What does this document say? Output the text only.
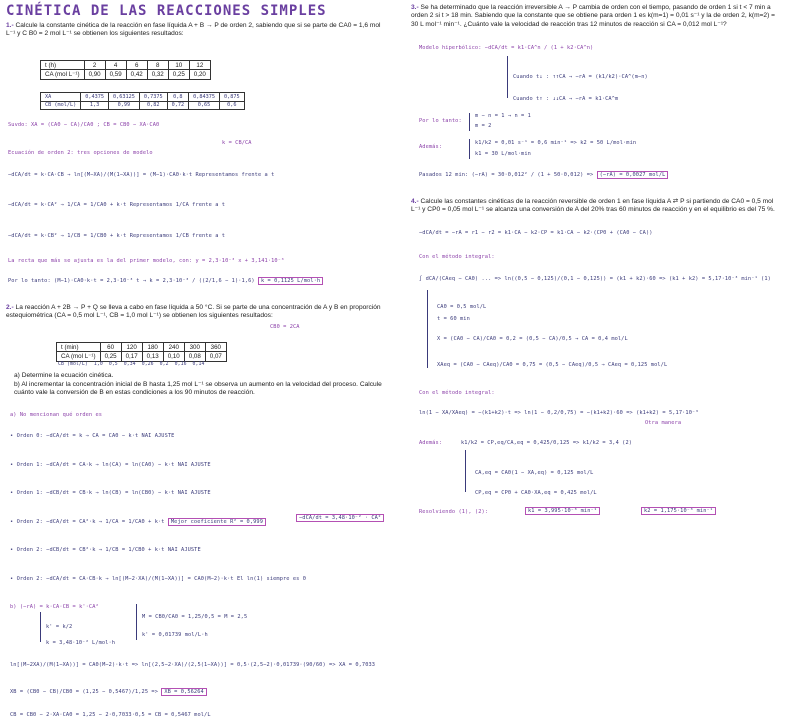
CINÉTICA DE LAS REACCIONES SIMPLES
1.- Calcule la constante cinética de la reacción en fase líquida A + B → P de orden 2, sabiendo que si se parte de CA0 = 1,6 mol L⁻¹ y C B0 = 2 mol L⁻¹ se obtienen los siguientes resultados:
t (h)	2	4	6	8	10	12
CA (mol L⁻¹)	0,90	0,59	0,42	0,32	0,25	0,20
XA	0,4375	0,63125	0,7375	0,8	0,84375	0,875
CB (mol/L)	1,3	0,99	0,82	0,72	0,65	0,6
Suvdo: XA = (CA0 − CA)/CA0 ; CB = CB0 − XA·CA0
Ecuación de orden 2: tres opciones de modelo
k = CB/CA
−dCA/dt = k·CA·CB → ln[(M−XA)/(M(1−XA))] = (M−1)·CA0·k·t Representamos frente a t
−dCA/dt = k·CA² → 1/CA = 1/CA0 + k·t Representamos 1/CA frente a t
−dCA/dt = k·CB² → 1/CB = 1/CB0 + k·t Representamos 1/CB frente a t
La recta que más se ajusta es la del primer modelo, con: y = 2,3·10⁻³ x + 3,141·10⁻³
Por lo tanto: (M−1)·CA0·k·t = 2,3·10⁻³ t → k = 2,3·10⁻³ / ((2/1,6 − 1)·1,6) k = 0,1125 L/mol·h
2.- La reacción A + 2B → P + Q se lleva a cabo en fase líquida a 50 °C. Si se parte de una concentración de A y B en proporción estequiométrica (CA = 0,5 mol L⁻¹, CB = 1,0 mol L⁻¹) se obtienen los siguientes resultados:
CB0 = 2CA
t (min)	60	120	180	240	300	360
CA (mol L⁻¹)	0,25	0,17	0,13	0,10	0,08	0,07
CB (mol/L) 1,0 0,5 0,34 0,26 0,2 0,16 0,14
a) Determine la ecuación cinética.
b) Al incrementar la concentración inicial de B hasta 1,25 mol L⁻¹ se observa un aumento en la velocidad del proceso. Calcule cuánto vale la conversión de B en estas condiciones a los 90 minutos de reacción.
a) No mencionan qué orden es
• Orden 0: −dCA/dt = k → CA = CA0 − k·t NAI AJUSTE
• Orden 1: −dCA/dt = CA·k → ln(CA) = ln(CA0) − k·t NAI AJUSTE
• Orden 1: −dCB/dt = CB·k → ln(CB) = ln(CB0) − k·t NAI AJUSTE
• Orden 2: −dCA/dt = CA²·k → 1/CA = 1/CA0 + k·t Mejor coeficiente R² = 0,999
−dCA/dt = 3,48·10⁻² · CA²
• Orden 2: −dCB/dt = CB²·k → 1/CB = 1/CB0 + k·t NAI AJUSTE
• Orden 2: −dCA/dt = CA·CB·k → ln[(M−2·XA)/(M(1−XA))] = CA0(M−2)·k·t El ln(1) siempre es 0
b) (−rA) = k·CA·CB = k'·CA²
M = CB0/CA0 = 1,25/0,5 = M = 2,5
k' = 0,01739 mol/L·h
k' = k/2
k = 3,48·10⁻² L/mol·h
ln[(M−2XA)/(M(1−XA))] = CA0(M−2)·k·t => ln[(2,5−2·XA)/(2,5(1−XA))] = 0,5·(2,5−2)·0,01739·(90/60) => XA = 0,7033
XB = (CB0 − CB)/CB0 = (1,25 − 0,5467)/1,25 => XB = 0,56264
CB = CB0 − 2·XA·CA0 = 1,25 − 2·0,7033·0,5 = CB = 0,5467 mol/L
3.- Se ha determinado que la reacción irreversible A → P cambia de orden con el tiempo, pasando de orden 1 si t < 7 min a orden 2 si t > 18 min. Sabiendo que la constante que se obtiene para orden 1 es k(m=1) = 0,01 s⁻¹ y la de orden 2, k(m=2) = 30 L mol⁻¹ min⁻¹. ¿Cuánto vale la velocidad de reacción tras 12 minutos de reacción si CA = 0,012 mol L⁻¹?
Modelo hiperbólico: −dCA/dt = k1·CA^n / (1 + k2·CA^n)
Cuando t↓ : ↑↑CA → −rA = (k1/k2)·CA^(m−n)
Cuando t↑ : ↓↓CA → −rA = k1·CA^m
Por lo tanto:
m − n = 1 → n = 1
m = 2
Además:
k1/k2 = 0,01 s⁻¹ = 0,6 min⁻¹ => k2 = 50 L/mol·min
k1 = 30 L/mol·min
Pasados 12 min: (−rA) = 30·0,012² / (1 + 50·0,012) => (−rA) = 0,0027 mol/L
4.- Calcule las constantes cinéticas de la reacción reversible de orden 1 en fase líquida A ⇄ P si partiendo de CA0 = 0,5 mol L⁻¹ y CP0 = 0,05 mol L⁻¹ se alcanza una conversión de A del 20% tras 60 minutos de reacción y en el equilibrio es del 75 %.
−dCA/dt = −rA = r1 − r2 = k1·CA − k2·CP = k1·CA − k2·(CP0 + (CA0 − CA))
Con el método integral:
∫ dCA/(CAeq − CA0) ... => ln((0,5 − 0,125)/(0,1 − 0,125)) = (k1 + k2)·60 => (k1 + k2) = 5,17·10⁻³ min⁻¹ (1)
CA0 = 0,5 mol/L
t = 60 min
X = (CA0 − CA)/CA0 = 0,2 = (0,5 − CA)/0,5 → CA = 0,4 mol/L
XAeq = (CA0 − CAeq)/CA0 = 0,75 = (0,5 − CAeq)/0,5 → CAeq = 0,125 mol/L
Con el método integral:
ln(1 − XA/XAeq) = −(k1+k2)·t => ln(1 − 0,2/0,75) = −(k1+k2)·60 => (k1+k2) = 5,17·10⁻³
Otra manera
Además:	k1/k2 = CP,eq/CA,eq = 0,425/0,125 => k1/k2 = 3,4 (2)
CA,eq = CA0(1 − XA,eq) = 0,125 mol/L
CP,eq = CP0 + CA0·XA,eq = 0,425 mol/L
Resolviendo (1), (2):	k1 = 3,995·10⁻³ min⁻¹	k2 = 1,175·10⁻³ min⁻¹
